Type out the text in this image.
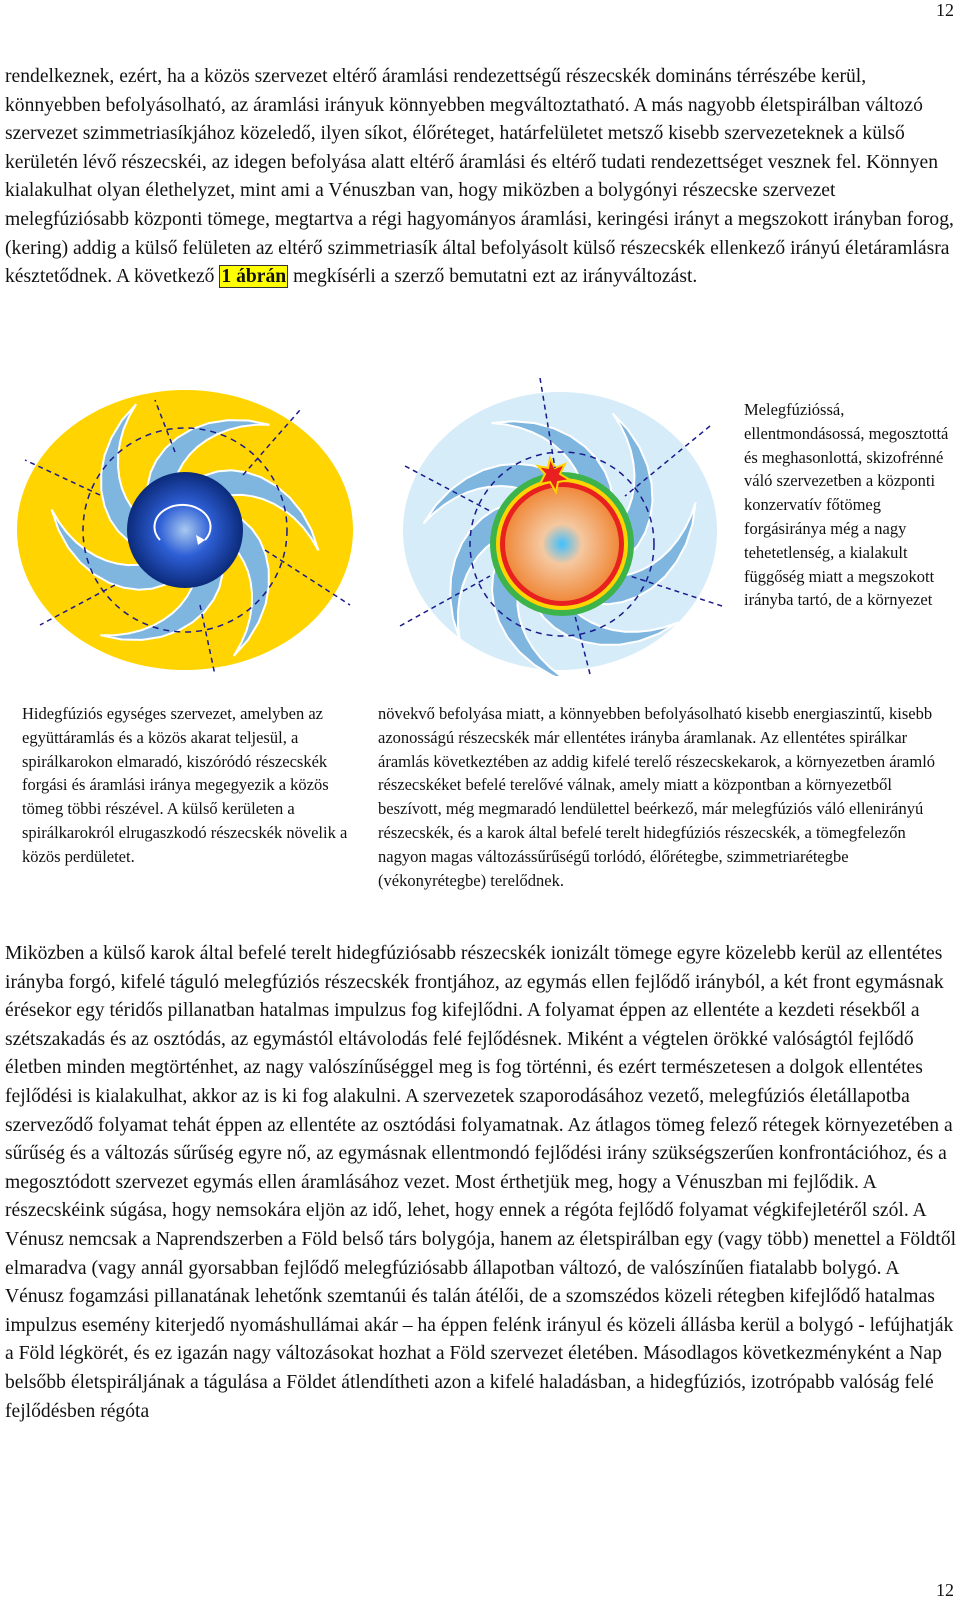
12
rendelkeznek, ezért, ha a közös szervezet eltérő áramlási rendezettségű részecskék domináns térrészébe kerül, könnyebben befolyásolható, az áramlási irányuk könnyebben megváltoztatható. A más nagyobb életspirálban változó szervezet szimmetriasíkjához közeledő, ilyen síkot, élőréteget, határfelületet metsző kisebb szervezeteknek a külső kerületén lévő részecskéi, az idegen befolyása alatt eltérő áramlási és eltérő tudati rendezettséget vesznek fel. Könnyen kialakulhat olyan élethelyzet, mint ami a Vénuszban van, hogy miközben a bolygónyi részecske szervezet melegfúziósabb központi tömege, megtartva a régi hagyományos áramlási, keringési irányt a megszokott irányban forog, (kering) addig a külső felületen az eltérő szimmetriasík által befolyásolt külső részecskék ellenkező irányú életáramlásra késztetődnek. A következő 1 ábrán megkísérli a szerző bemutatni ezt az irányváltozást.
Melegfúzióssá, ellentmondásossá, megosztottá és meghasonlottá, skizofrénné váló szervezetben a központi konzervatív főtömeg forgásiránya még a nagy tehetetlenség, a kialakult függőség miatt a megszokott irányba tartó, de a környezet
Hidegfúziós egységes szervezet, amelyben az együttáramlás és a közös akarat teljesül, a spirálkarokon elmaradó, kiszóródó részecskék forgási és áramlási iránya megegyezik a közös tömeg többi részével. A külső kerületen a spirálkarokról elrugaszkodó részecskék növelik a közös perdületet.
növekvő befolyása miatt, a könnyebben befolyásolható kisebb energiaszintű, kisebb azonosságú részecskék már ellentétes irányba áramlanak. Az ellentétes spirálkar áramlás következtében az addig kifelé terelő részecskekarok, a környezetben áramló részecskéket befelé terelővé válnak, amely miatt a központban a környezetből beszívott, még megmaradó lendülettel beérkező, már melegfúziós váló ellenirányú részecskék, és a karok által befelé terelt hidegfúziós részecskék, a tömegfelezőn nagyon magas változássűrűségű torlódó, élőrétegbe, szimmetriarétegbe (vékonyrétegbe) terelődnek.
Miközben a külső karok által befelé terelt hidegfúziósabb részecskék ionizált tömege egyre közelebb kerül az ellentétes irányba forgó, kifelé táguló melegfúziós részecskék frontjához, az egymás ellen fejlődő irányból, a két front egymásnak érésekor egy téridős pillanatban hatalmas impulzus fog kifejlődni. A folyamat éppen az ellentéte a kezdeti résekből a szétszakadás és az osztódás, az egymástól eltávolodás felé fejlődésnek. Miként a végtelen örökké valóságtól fejlődő életben minden megtörténhet, az nagy valószínűséggel meg is fog történni, és ezért természetesen a dolgok ellentétes fejlődési is kialakulhat, akkor az is ki fog alakulni. A szervezetek szaporodásához vezető, melegfúziós életállapotba szerveződő folyamat tehát éppen az ellentéte az osztódási folyamatnak. Az átlagos tömeg felező rétegek környezetében a sűrűség és a változás sűrűség egyre nő, az egymásnak ellentmondó fejlődési irány szükségszerűen konfrontációhoz, és a megosztódott szervezet egymás ellen áramlásához vezet. Most érthetjük meg, hogy a Vénuszban mi fejlődik. A részecskéink súgása, hogy nemsokára eljön az idő, lehet, hogy ennek a régóta fejlődő folyamat végkifejletéről szól. A Vénusz nemcsak a Naprendszerben a Föld belső társ bolygója, hanem az életspirálban egy (vagy több) menettel a Földtől elmaradva (vagy annál gyorsabban fejlődő melegfúziósabb állapotban változó, de valószínűen fiatalabb bolygó. A Vénusz fogamzási pillanatának lehetőnk szemtanúi és talán átélői, de a szomszédos közeli rétegben kifejlődő hatalmas impulzus esemény kiterjedő nyomáshullámai akár – ha éppen felénk irányul és közeli állásba kerül a bolygó - lefújhatják a Föld légkörét, és ez igazán nagy változásokat hozhat a Föld szervezet életében. Másodlagos következményként a Nap belsőbb életspiráljának a tágulása a Földet átlendítheti azon a kifelé haladásban, a hidegfúziós, izotrópabb valóság felé fejlődésben régóta
12
